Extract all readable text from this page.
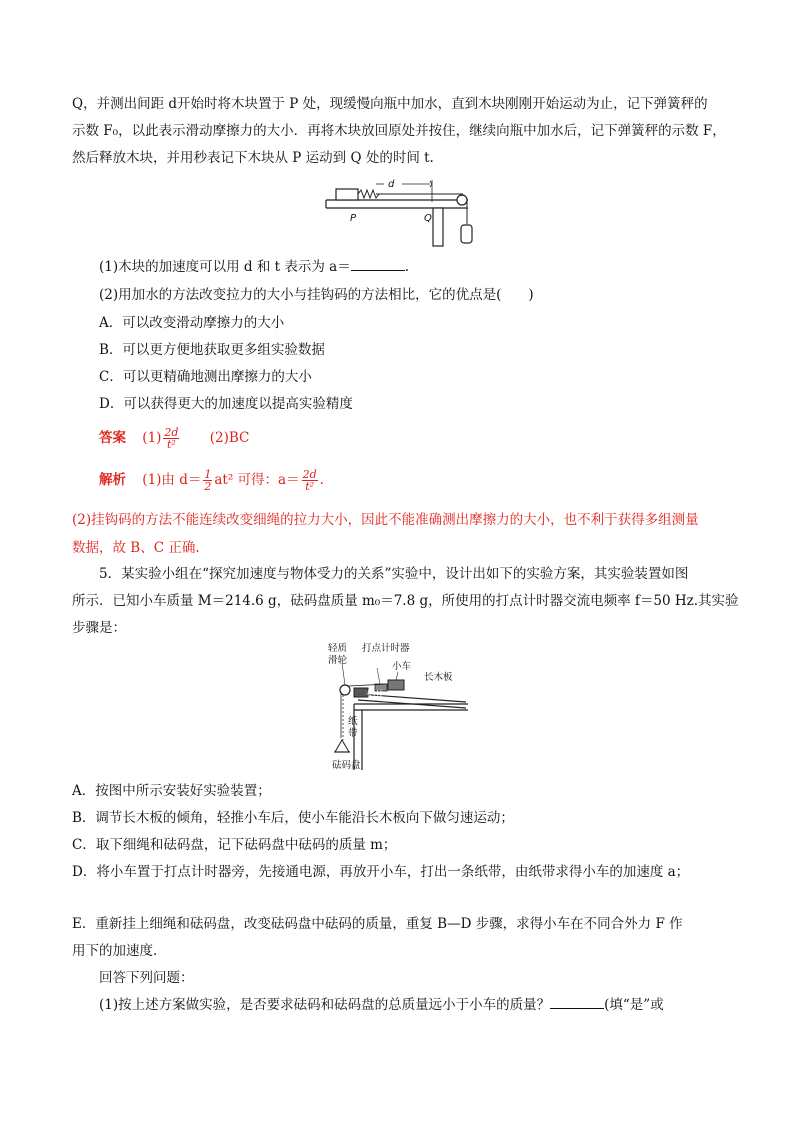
Q，并测出间距 d开始时将木块置于 P 处，现缓慢向瓶中加水，直到木块刚刚开始运动为止，记下弹簧秤的
示数 F₀，以此表示滑动摩擦力的大小．再将木块放回原处并按住，继续向瓶中加水后，记下弹簧秤的示数 F，
然后释放木块，并用秒表记下木块从 P 运动到 Q 处的时间 t.
d
P	Q
(1)木块的加速度可以用 d 和 t 表示为 a＝	.
(2)用加水的方法改变拉力的大小与挂钩码的方法相比，它的优点是(　　)
A．可以改变滑动摩擦力的大小
B．可以更方便地获取更多组实验数据
C．可以更精确地测出摩擦力的大小
D．可以获得更大的加速度以提高实验精度
答案 $(1) \frac{2d}{\text{t²}} (2)BC$
解析 (1)由 $d= \frac{1}{2} at^2$ 可得：$a= \frac{2d}{\text{t²}}$ .
(2)挂钩码的方法不能连续改变细绳的拉力大小，因此不能准确测出摩擦力的大小，也不利于获得多组测量
数据，故 B、C 正确.
5．某实验小组在“探究加速度与物体受力的关系”实验中，设计出如下的实验方案，其实验装置如图
所示．已知小车质量 M＝214.6 g，砝码盘质量 m₀＝7.8 g，所使用的打点计时器交流电频率 f＝50 Hz.其实验
步骤是：
轻质
滑轮
打点计时器
小车
长木板
垫块
纸
带
砝码盘
A．按图中所示安装好实验装置；
B．调节长木板的倾角，轻推小车后，使小车能沿长木板向下做匀速运动；
C．取下细绳和砝码盘，记下砝码盘中砝码的质量 m；
D．将小车置于打点计时器旁，先接通电源，再放开小车，打出一条纸带，由纸带求得小车的加速度 a；
E．重新挂上细绳和砝码盘，改变砝码盘中砝码的质量，重复 B—D 步骤，求得小车在不同合外力 F 作
用下的加速度．
回答下列问题：
(1)按上述方案做实验，是否要求砝码和砝码盘的总质量远小于小车的质量？	(填“是”或
